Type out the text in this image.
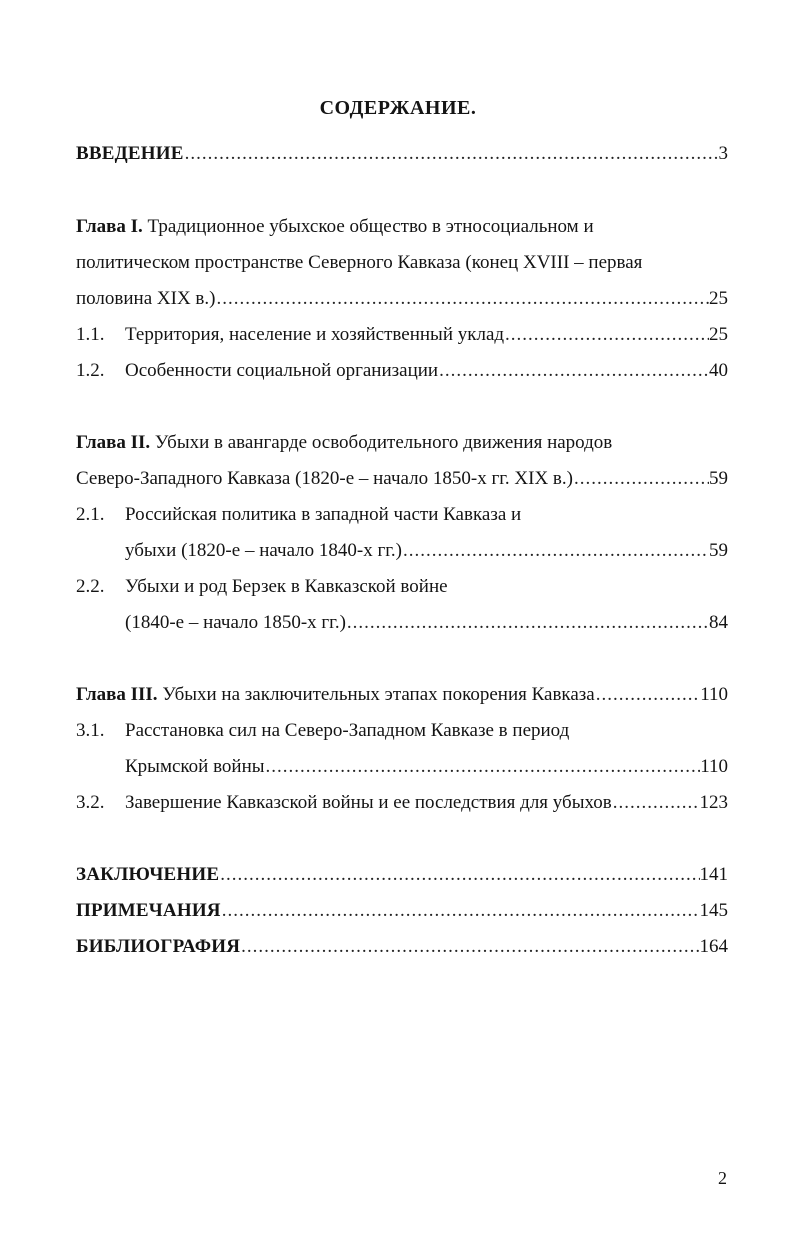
СОДЕРЖАНИЕ.
ВВЕДЕНИЕ .....	3
Глава I. Традиционное убыхское общество в этносоциальном и
политическом пространстве Северного Кавказа (конец XVIII – первая
половина XIX в.) .....	25
1.1.	Территория, население и хозяйственный уклад .....	25
1.2.	Особенности социальной организации .....	40
Глава II. Убыхи в авангарде освободительного движения народов
Северо-Западного Кавказа (1820-е – начало 1850-х гг. XIX в.) .....	59
2.1. Российская политика в западной части Кавказа и
убыхи (1820-е – начало 1840-х гг.) .....	59
2.2. Убыхи и род Берзек в Кавказской войне
(1840-е – начало 1850-х гг.) .....	84
Глава III. Убыхи на заключительных этапах покорения Кавказа .....	110
3.1. Расстановка сил на Северо-Западном Кавказе в период
Крымской войны .....	110
3.2.	Завершение Кавказской войны и ее последствия для убыхов .....	123
ЗАКЛЮЧЕНИЕ .....	141
ПРИМЕЧАНИЯ .....	145
БИБЛИОГРАФИЯ .....	164
2
